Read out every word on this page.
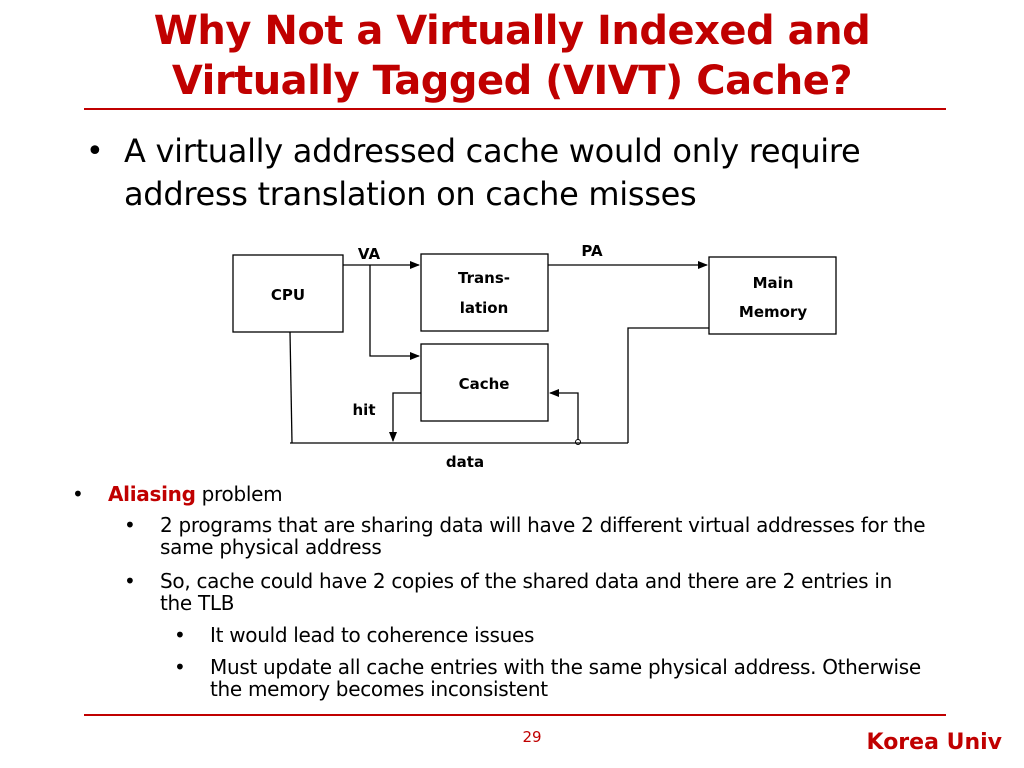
Why Not a Virtually Indexed and
Virtually Tagged (VIVT) Cache?
• A virtually addressed cache would only require address translation on cache misses
CPU
Trans-
lation
Main
Memory
Cache
VA	PA
hit
data
• Aliasing problem
• 2 programs that are sharing data will have 2 different virtual addresses for the same physical address
• So, cache could have 2 copies of the shared data and there are 2 entries in the TLB
• It would lead to coherence issues
• Must update all cache entries with the same physical address. Otherwise the memory becomes inconsistent
29	Korea Univ
